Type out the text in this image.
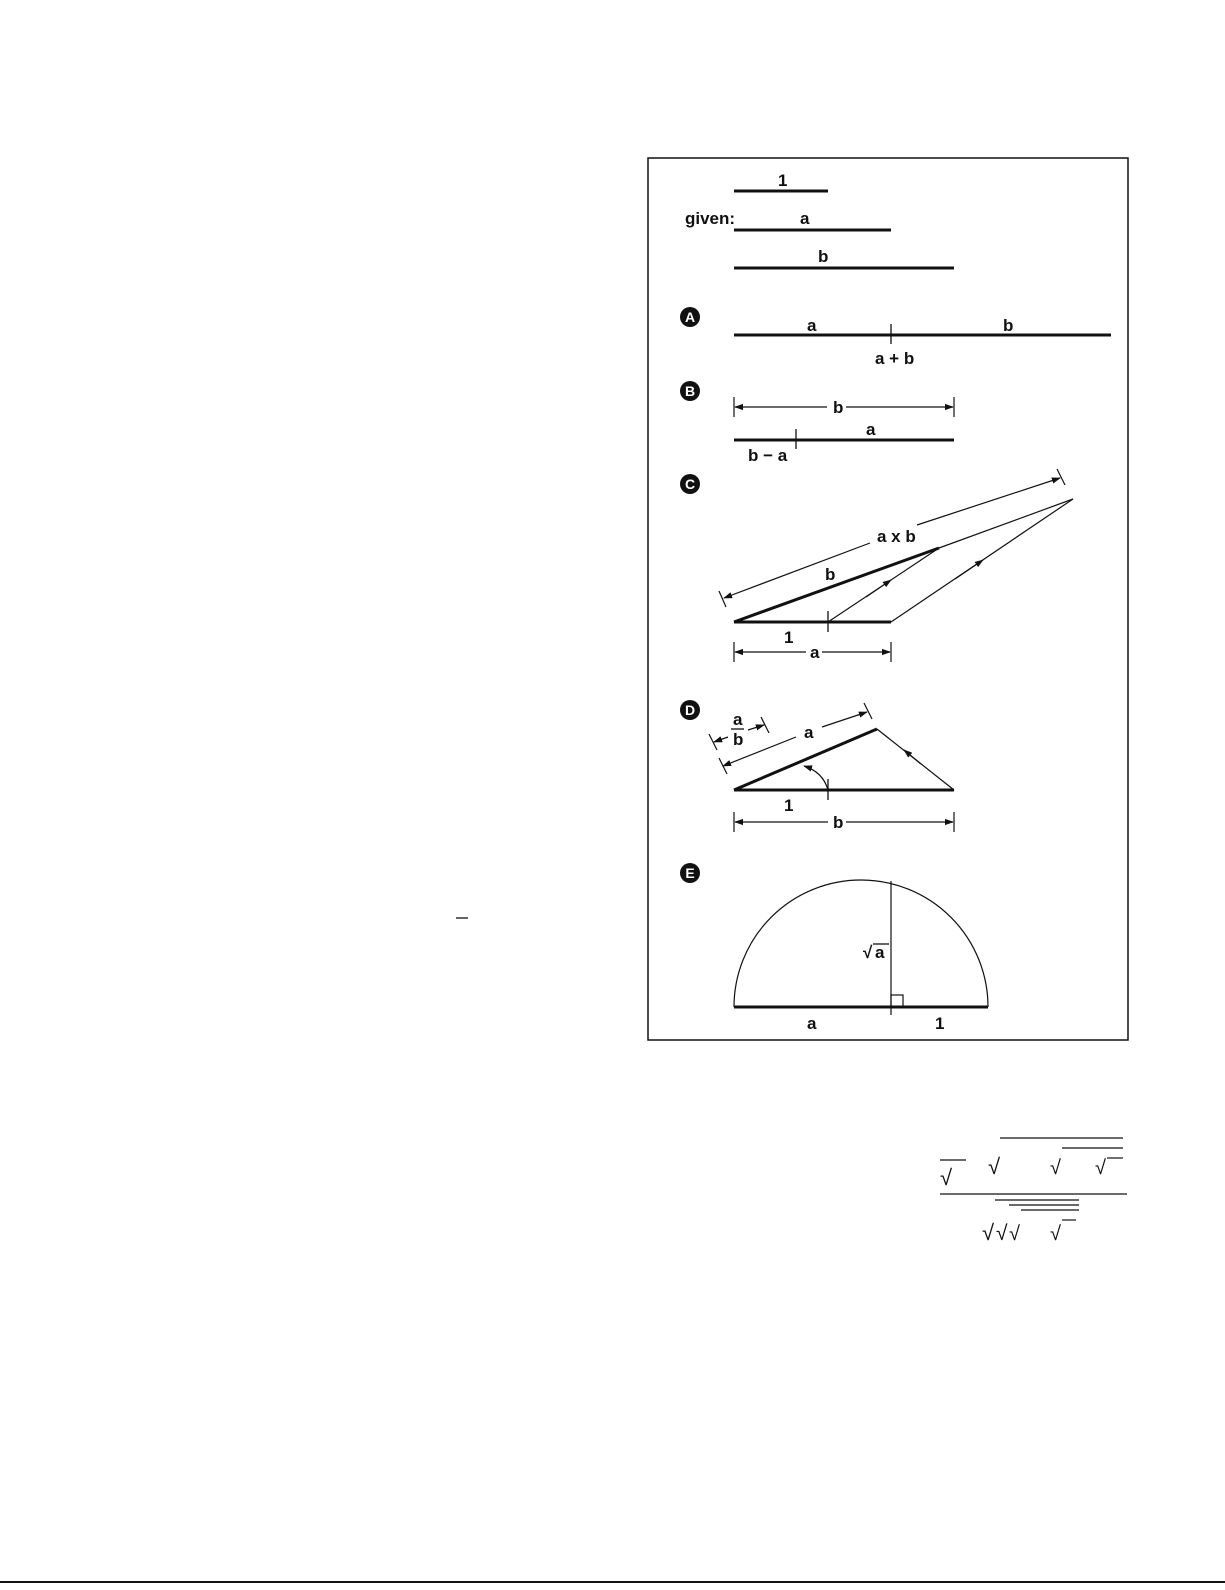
given:
1
a
b
A	a	b
a + b
B
b
a
b − a
C
a x b
b
1
a
D a
b	a
1
b
E
√ a
a	1
√ √ √ √
√ √ √ √
